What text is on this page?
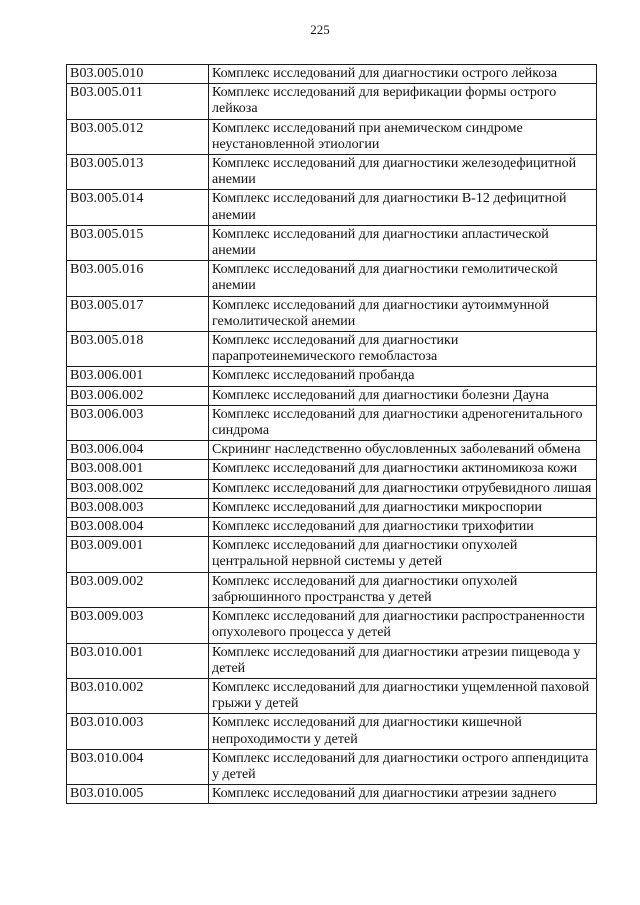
225
B03.005.010	Комплекс исследований для диагностики острого лейкоза
B03.005.011	Комплекс исследований для верификации формы острого лейкоза
B03.005.012	Комплекс исследований при анемическом синдроме неустановленной этиологии
B03.005.013	Комплекс исследований для диагностики железодефицитной анемии
B03.005.014	Комплекс исследований для диагностики В-12 дефицитной анемии
B03.005.015	Комплекс исследований для диагностики апластической анемии
B03.005.016	Комплекс исследований для диагностики гемолитической анемии
B03.005.017	Комплекс исследований для диагностики аутоиммунной гемолитической анемии
B03.005.018	Комплекс исследований для диагностики парапротеинемического гемобластоза
B03.006.001	Комплекс исследований пробанда
B03.006.002	Комплекс исследований для диагностики болезни Дауна
B03.006.003	Комплекс исследований для диагностики адреногенитального синдрома
B03.006.004	Скрининг наследственно обусловленных заболеваний обмена
B03.008.001	Комплекс исследований для диагностики актиномикоза кожи
B03.008.002	Комплекс исследований для диагностики отрубевидного лишая
B03.008.003	Комплекс исследований для диагностики микроспории
B03.008.004	Комплекс исследований для диагностики трихофитии
B03.009.001	Комплекс исследований для диагностики опухолей центральной нервной системы у детей
B03.009.002	Комплекс исследований для диагностики опухолей забрюшинного пространства у детей
B03.009.003	Комплекс исследований для диагностики распространенности опухолевого процесса у детей
B03.010.001	Комплекс исследований для диагностики атрезии пищевода у детей
B03.010.002	Комплекс исследований для диагностики ущемленной паховой грыжи у детей
B03.010.003	Комплекс исследований для диагностики кишечной непроходимости у детей
B03.010.004	Комплекс исследований для диагностики острого аппендицита у детей
B03.010.005	Комплекс исследований для диагностики атрезии заднего
